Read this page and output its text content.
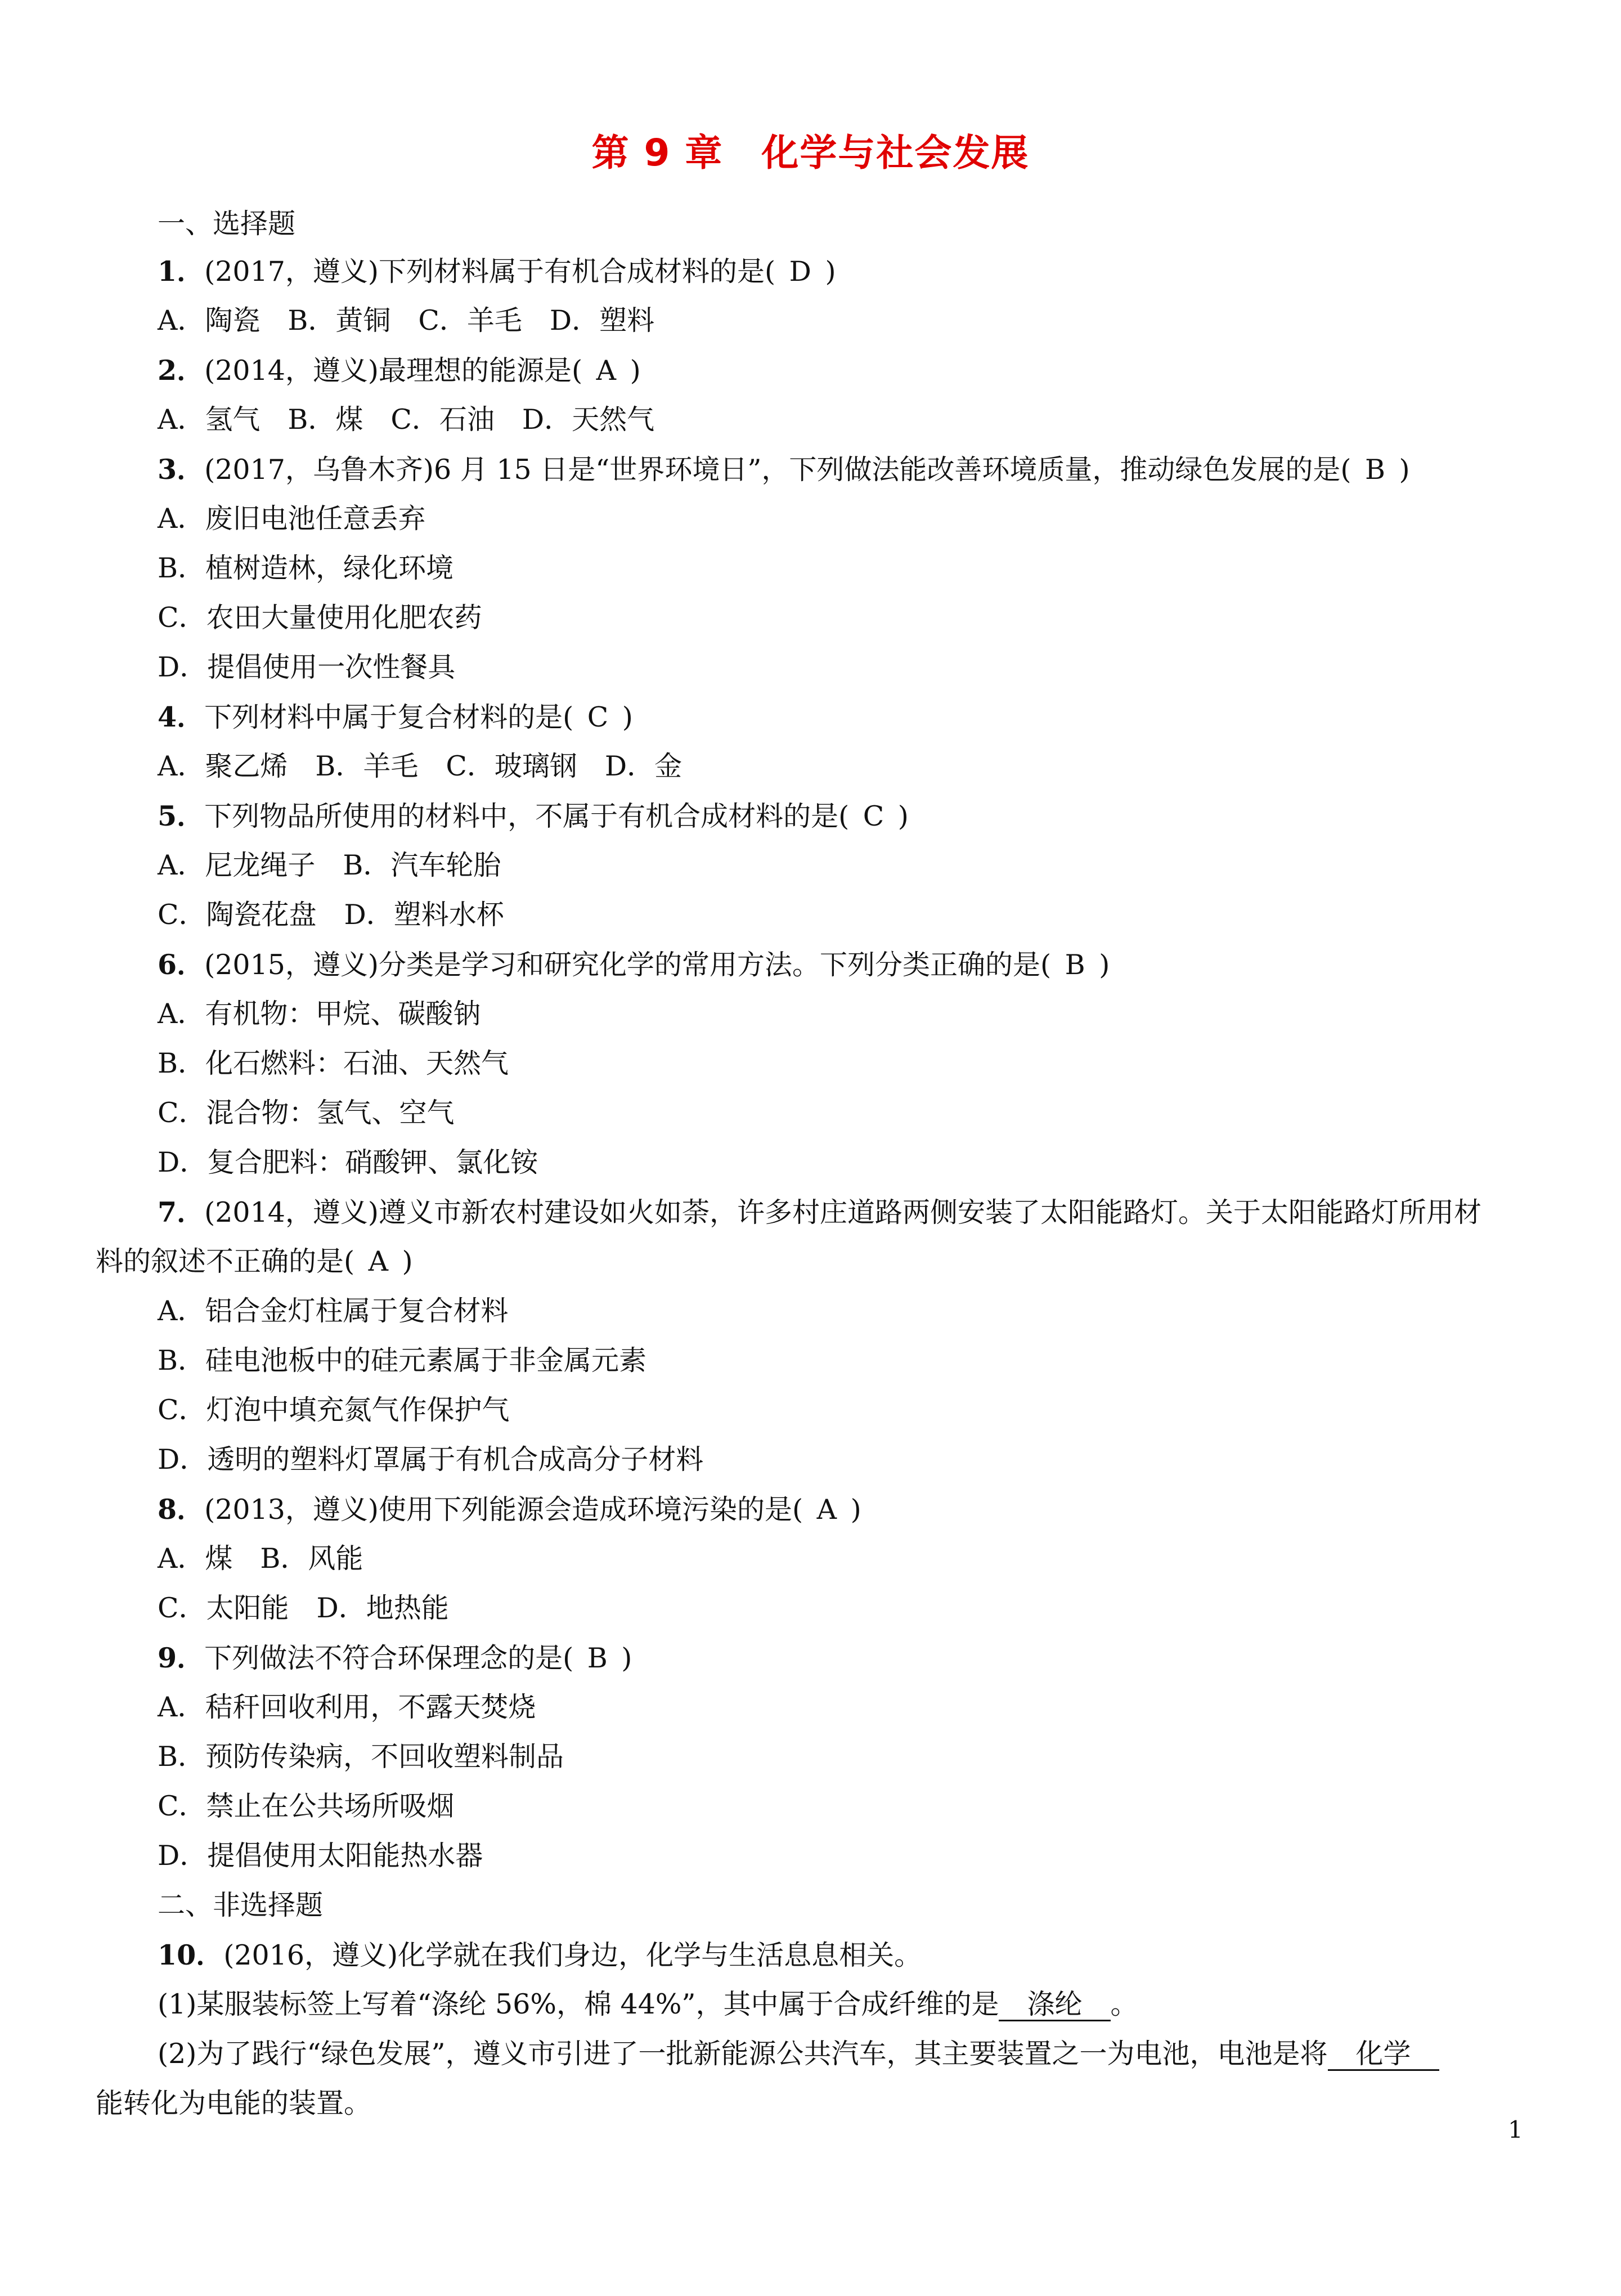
第 9 章　化学与社会发展
一、选择题
1．(2017，遵义)下列材料属于有机合成材料的是( D )
A．陶瓷　B．黄铜　C．羊毛　D．塑料
2．(2014，遵义)最理想的能源是( A )
A．氢气　B．煤　C．石油　D．天然气
3．(2017，乌鲁木齐)6 月 15 日是“世界环境日”，下列做法能改善环境质量，推动绿色发展的是( B )
A．废旧电池任意丢弃
B．植树造林，绿化环境
C．农田大量使用化肥农药
D．提倡使用一次性餐具
4．下列材料中属于复合材料的是( C )
A．聚乙烯　B．羊毛　C．玻璃钢　D．金
5．下列物品所使用的材料中，不属于有机合成材料的是( C )
A．尼龙绳子　B．汽车轮胎
C．陶瓷花盘　D．塑料水杯
6．(2015，遵义)分类是学习和研究化学的常用方法。下列分类正确的是( B )
A．有机物：甲烷、碳酸钠
B．化石燃料：石油、天然气
C．混合物：氢气、空气
D．复合肥料：硝酸钾、氯化铵
7．(2014，遵义)遵义市新农村建设如火如荼，许多村庄道路两侧安装了太阳能路灯。关于太阳能路灯所用材
料的叙述不正确的是( A )
A．铝合金灯柱属于复合材料
B．硅电池板中的硅元素属于非金属元素
C．灯泡中填充氮气作保护气
D．透明的塑料灯罩属于有机合成高分子材料
8．(2013，遵义)使用下列能源会造成环境污染的是( A )
A．煤　B．风能
C．太阳能　D．地热能
9．下列做法不符合环保理念的是( B )
A．秸秆回收利用，不露天焚烧
B．预防传染病，不回收塑料制品
C．禁止在公共场所吸烟
D．提倡使用太阳能热水器
二、非选择题
10．(2016，遵义)化学就在我们身边，化学与生活息息相关。
(1)某服装标签上写着“涤纶 56%，棉 44%”，其中属于合成纤维的是 涤纶 。
(2)为了践行“绿色发展”，遵义市引进了一批新能源公共汽车，其主要装置之一为电池，电池是将 化学
能转化为电能的装置。
1
